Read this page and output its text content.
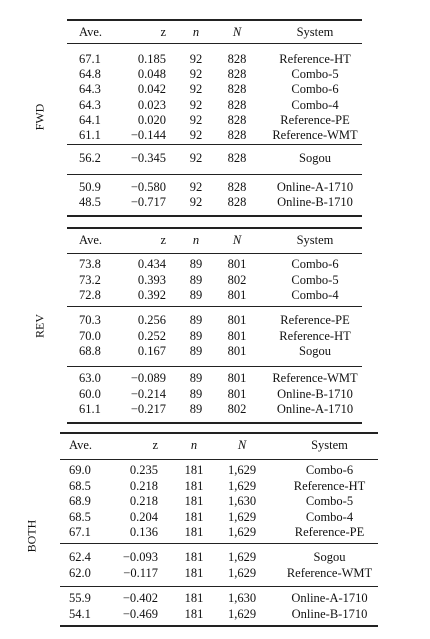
FWD
Ave.	z	n	N	System
67.1	0.185	92	828	Reference-HT
64.8	0.048	92	828	Combo-5
64.3	0.042	92	828	Combo-6
64.3	0.023	92	828	Combo-4
64.1	0.020	92	828	Reference-PE
61.1	−0.144	92	828	Reference-WMT
56.2	−0.345	92	828	Sogou
50.9	−0.580	92	828	Online-A-1710
48.5	−0.717	92	828	Online-B-1710
REV
Ave.	z	n	N	System
73.8	0.434	89	801	Combo-6
73.2	0.393	89	802	Combo-5
72.8	0.392	89	801	Combo-4
70.3	0.256	89	801	Reference-PE
70.0	0.252	89	801	Reference-HT
68.8	0.167	89	801	Sogou
63.0	−0.089	89	801	Reference-WMT
60.0	−0.214	89	801	Online-B-1710
61.1	−0.217	89	802	Online-A-1710
BOTH
Ave.	z	n	N	System
69.0	0.235 181 1,629	Combo-6
68.5	0.218 181 1,629	Reference-HT
68.9	0.218 181 1,630	Combo-5
68.5	0.204 181 1,629	Combo-4
67.1	0.136 181 1,629	Reference-PE
62.4	−0.093 181 1,629	Sogou
62.0	−0.117 181 1,629	Reference-WMT
55.9	−0.402 181 1,630	Online-A-1710
54.1	−0.469 181 1,629	Online-B-1710
